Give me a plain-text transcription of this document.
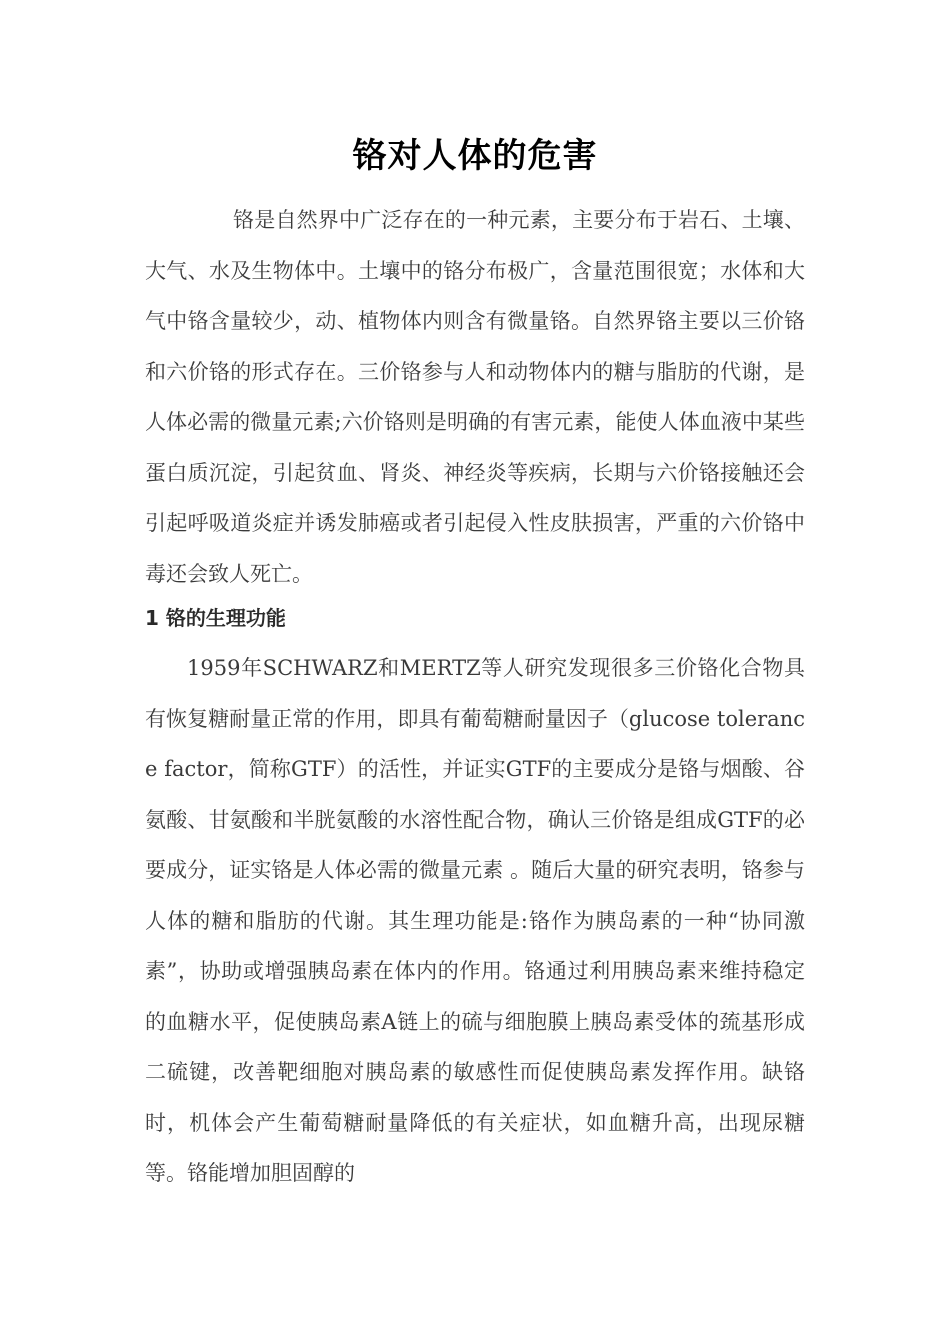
铬对人体的危害
铬是自然界中广泛存在的一种元素，主要分布于岩石、土壤、大气、水及生物体中。土壤中的铬分布极广，含量范围很宽；水体和大气中铬含量较少，动、植物体内则含有微量铬。自然界铬主要以三价铬和六价铬的形式存在。三价铬参与人和动物体内的糖与脂肪的代谢，是人体必需的微量元素;六价铬则是明确的有害元素，能使人体血液中某些蛋白质沉淀，引起贫血、肾炎、神经炎等疾病，长期与六价铬接触还会引起呼吸道炎症并诱发肺癌或者引起侵入性皮肤损害，严重的六价铬中毒还会致人死亡。
1 铬的生理功能
1959年SCHWARZ和MERTZ等人研究发现很多三价铬化合物具有恢复糖耐量正常的作用，即具有葡萄糖耐量因子（glucose tolerance factor，简称GTF）的活性，并证实GTF的主要成分是铬与烟酸、谷氨酸、甘氨酸和半胱氨酸的水溶性配合物，确认三价铬是组成GTF的必要成分，证实铬是人体必需的微量元素 。随后大量的研究表明，铬参与人体的糖和脂肪的代谢。其生理功能是:铬作为胰岛素的一种“协同激素”，协助或增强胰岛素在体内的作用。铬通过利用胰岛素来维持稳定的血糖水平，促使胰岛素A链上的硫与细胞膜上胰岛素受体的巯基形成二硫键，改善靶细胞对胰岛素的敏感性而促使胰岛素发挥作用。缺铬时，机体会产生葡萄糖耐量降低的有关症状，如血糖升高，出现尿糖等。铬能增加胆固醇的
